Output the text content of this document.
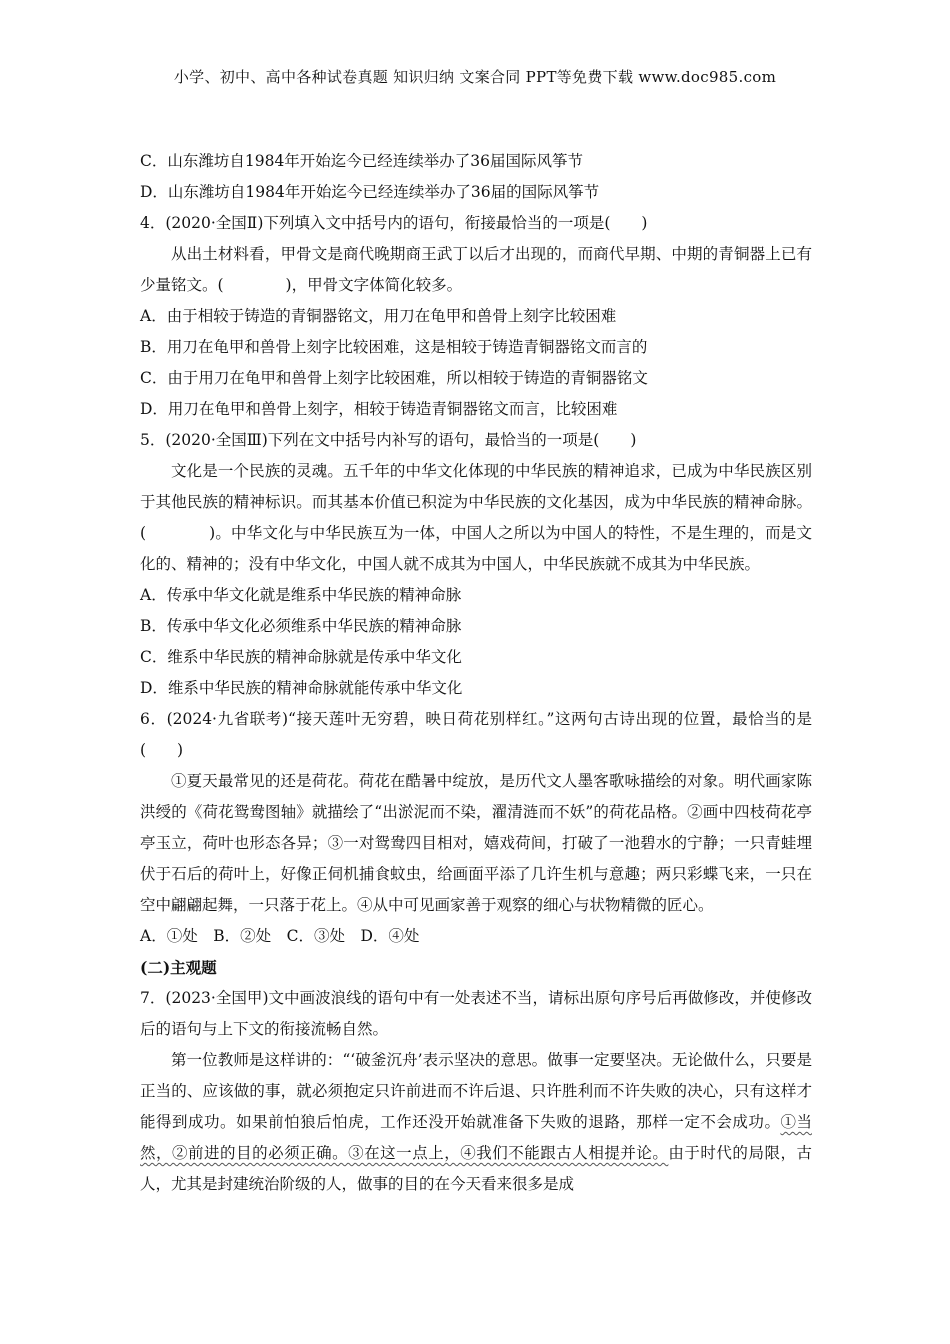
小学、初中、高中各种试卷真题 知识归纳 文案合同 PPT等免费下载 www.doc985.com
C．山东潍坊自1984年开始迄今已经连续举办了36届国际风筝节
D．山东潍坊自1984年开始迄今已经连续举办了36届的国际风筝节
4．(2020·全国Ⅱ)下列填入文中括号内的语句，衔接最恰当的一项是(　　)
从出土材料看，甲骨文是商代晚期商王武丁以后才出现的，而商代早期、中期的青铜器上已有少量铭文。(　　　　)，甲骨文字体简化较多。
A．由于相较于铸造的青铜器铭文，用刀在龟甲和兽骨上刻字比较困难
B．用刀在龟甲和兽骨上刻字比较困难，这是相较于铸造青铜器铭文而言的
C．由于用刀在龟甲和兽骨上刻字比较困难，所以相较于铸造的青铜器铭文
D．用刀在龟甲和兽骨上刻字，相较于铸造青铜器铭文而言，比较困难
5．(2020·全国Ⅲ)下列在文中括号内补写的语句，最恰当的一项是(　　)
文化是一个民族的灵魂。五千年的中华文化体现的中华民族的精神追求，已成为中华民族区别于其他民族的精神标识。而其基本价值已积淀为中华民族的文化基因，成为中华民族的精神命脉。(　　　　)。中华文化与中华民族互为一体，中国人之所以为中国人的特性，不是生理的，而是文化的、精神的；没有中华文化，中国人就不成其为中国人，中华民族就不成其为中华民族。
A．传承中华文化就是维系中华民族的精神命脉
B．传承中华文化必须维系中华民族的精神命脉
C．维系中华民族的精神命脉就是传承中华文化
D．维系中华民族的精神命脉就能传承中华文化
6．(2024·九省联考)“接天莲叶无穷碧，映日荷花别样红。”这两句古诗出现的位置，最恰当的是(　　)
①夏天最常见的还是荷花。荷花在酷暑中绽放，是历代文人墨客歌咏描绘的对象。明代画家陈洪绶的《荷花鸳鸯图轴》就描绘了“出淤泥而不染，濯清涟而不妖”的荷花品格。②画中四枝荷花亭亭玉立，荷叶也形态各异；③一对鸳鸯四目相对，嬉戏荷间，打破了一池碧水的宁静；一只青蛙埋伏于石后的荷叶上，好像正伺机捕食蚊虫，给画面平添了几许生机与意趣；两只彩蝶飞来，一只在空中翩翩起舞，一只落于花上。④从中可见画家善于观察的细心与状物精微的匠心。
A．①处　B．②处　C．③处　D．④处
(二)主观题
7．(2023·全国甲)文中画波浪线的语句中有一处表述不当，请标出原句序号后再做修改，并使修改后的语句与上下文的衔接流畅自然。
第一位教师是这样讲的：“‘破釜沉舟’表示坚决的意思。做事一定要坚决。无论做什么，只要是正当的、应该做的事，就必须抱定只许前进而不许后退、只许胜利而不许失败的决心，只有这样才能得到成功。如果前怕狼后怕虎，工作还没开始就准备下失败的退路，那样一定不会成功。①当然，②前进的目的必须正确。③在这一点上，④我们不能跟古人相提并论。由于时代的局限，古人，尤其是封建统治阶级的人，做事的目的在今天看来很多是成
